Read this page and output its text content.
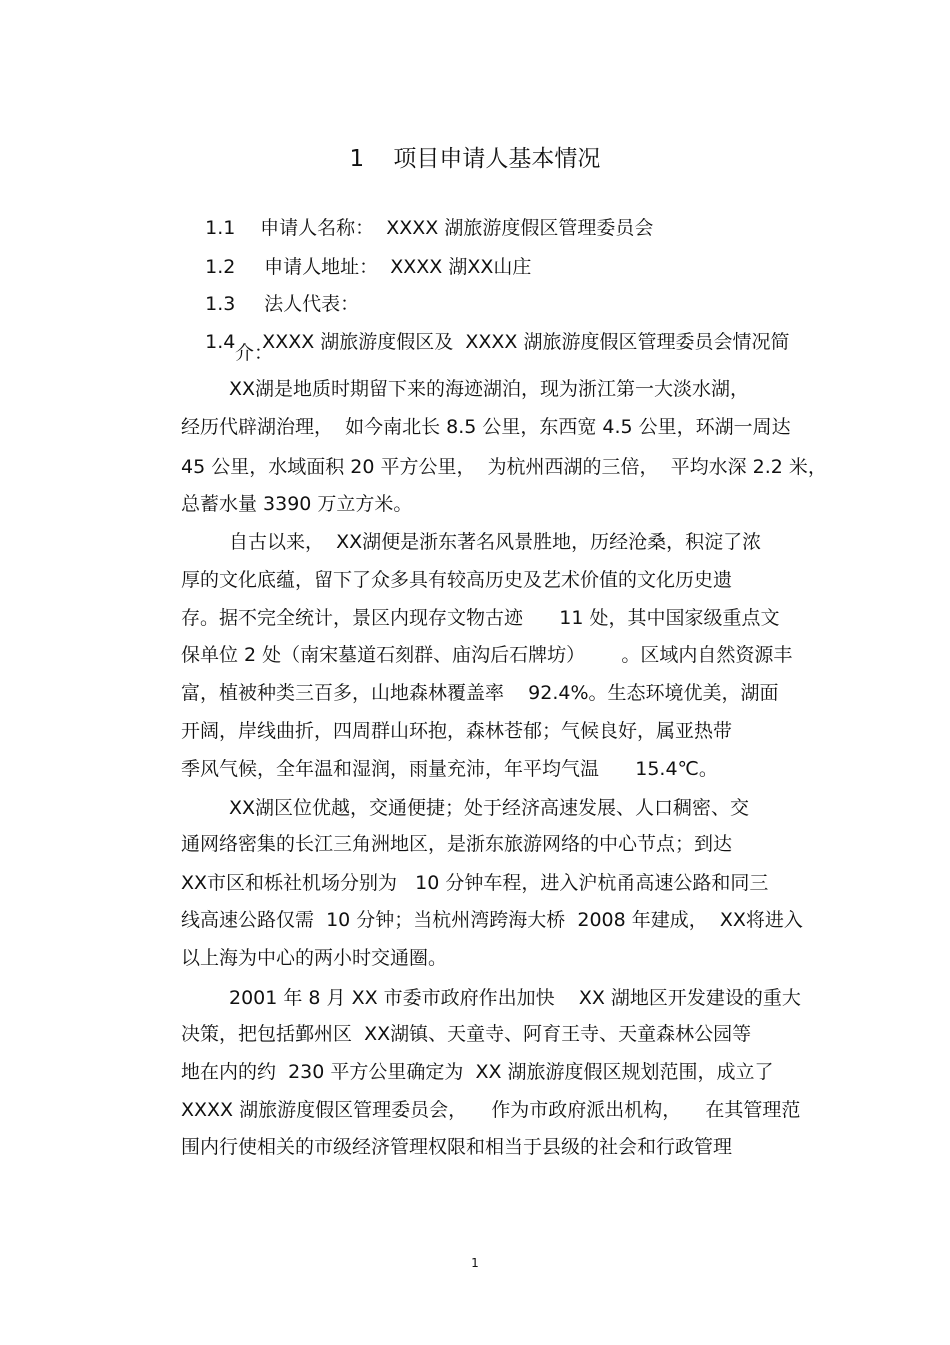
1    项目申请人基本情况

1.1 申请人名称：  XXXX 湖旅游度假区管理委员会

1.2 申请人地址：  XXXX 湖XX山庄

1.3 法人代表：

1.4 XXXX 湖旅游度假区及  XXXX 湖旅游度假区管理委员会情况简

介：
XX湖是地质时期留下来的海迹湖泊，现为浙江第一大淡水湖，
经历代辟湖治理，  如今南北长 8.5 公里，东西宽 4.5 公里，环湖一周达
45 公里，水域面积 20 平方公里，  为杭州西湖的三倍，  平均水深 2.2 米，
总蓄水量 3390 万立方米。
自古以来，  XX湖便是浙东著名风景胜地，历经沧桑，积淀了浓
厚的文化底蕴，留下了众多具有较高历史及艺术价值的文化历史遗
存。据不完全统计，景区内现存文物古迹      11 处，其中国家级重点文
保单位 2 处（南宋墓道石刻群、庙沟后石牌坊）      。区域内自然资源丰
富，植被种类三百多，山地森林覆盖率    92.4%。生态环境优美，湖面
开阔，岸线曲折，四周群山环抱，森林苍郁；气候良好，属亚热带
季风气候，全年温和湿润，雨量充沛，年平均气温      15.4℃。
XX湖区位优越，交通便捷；处于经济高速发展、人口稠密、交
通网络密集的长江三角洲地区，是浙东旅游网络的中心节点；到达
XX市区和栎社机场分别为   10 分钟车程，进入沪杭甬高速公路和同三
线高速公路仅需  10 分钟；当杭州湾跨海大桥  2008 年建成，  XX将进入
以上海为中心的两小时交通圈。
2001 年 8 月 XX 市委市政府作出加快    XX 湖地区开发建设的重大
决策，把包括鄞州区  XX湖镇、天童寺、阿育王寺、天童森林公园等
地在内的约  230 平方公里确定为  XX 湖旅游度假区规划范围，成立了
XXXX 湖旅游度假区管理委员会，    作为市政府派出机构，    在其管理范
围内行使相关的市级经济管理权限和相当于县级的社会和行政管理
1
